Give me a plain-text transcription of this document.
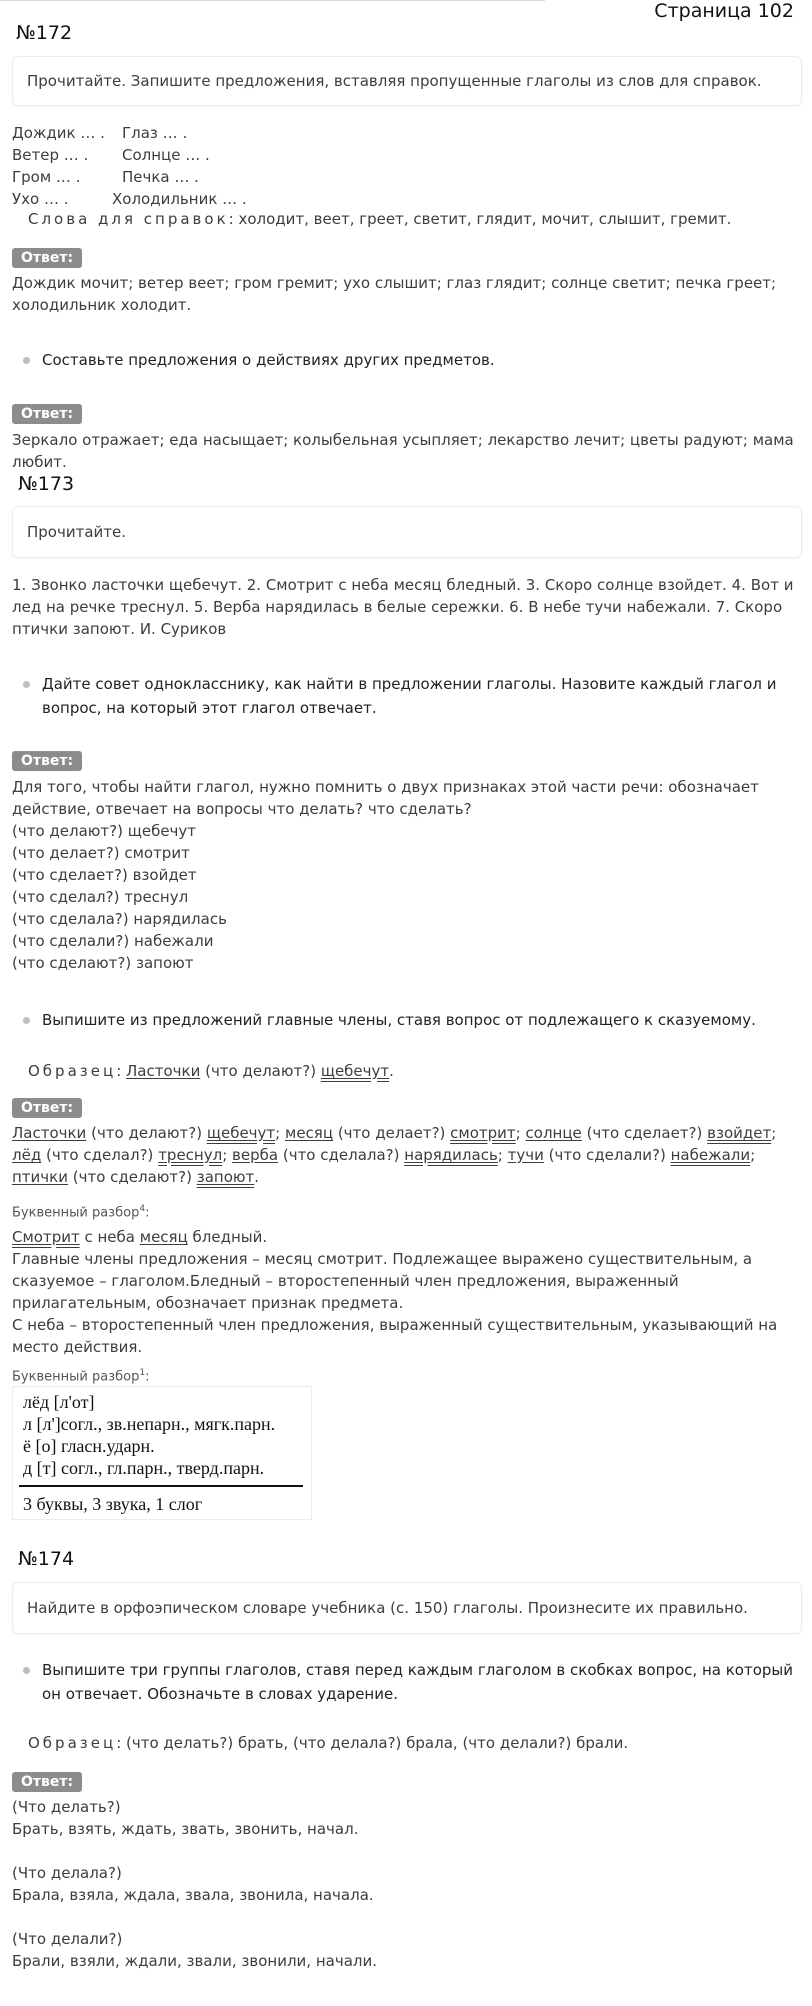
Страница 102
№172
Прочитайте. Запишите предложения, вставляя пропущенные глаголы из слов для справок.
Дождик … .	Глаз … .
Ветер … .	Солнце … .
Гром … .	Печка … .
Ухо … .	Холодильник … .
Слова для справок: холодит, веет, греет, светит, глядит, мочит, слышит, гремит.
Ответ:
Дождик мочит; ветер веет; гром гремит; ухо слышит; глаз глядит; солнце светит; печка греет; холодильник холодит.
Составьте предложения о действиях других предметов.
Ответ:
Зеркало отражает; еда насыщает; колыбельная усыпляет; лекарство лечит; цветы радуют; мама любит.
№173
Прочитайте.
1. Звонко ласточки щебечут. 2. Смотрит с неба месяц бледный. 3. Скоро солнце взойдет. 4. Вот и лед на речке треснул. 5. Верба нарядилась в белые сережки. 6. В небе тучи набежали. 7. Скоро птички запоют. И. Суриков
Дайте совет однокласснику, как найти в предложении глаголы. Назовите каждый глагол и вопрос, на который этот глагол отвечает.
Ответ:
Для того, чтобы найти глагол, нужно помнить о двух признаках этой части речи: обозначает действие, отвечает на вопросы что делать? что сделать?
(что делают?) щебечут
(что делает?) смотрит
(что сделает?) взойдет
(что сделал?) треснул
(что сделала?) нарядилась
(что сделали?) набежали
(что сделают?) запоют
Выпишите из предложений главные члены, ставя вопрос от подлежащего к сказуемому.
Образец: Ласточки (что делают?) щебечут.
Ответ:
Ласточки (что делают?) щебечут; месяц (что делает?) смотрит; солнце (что сделает?) взойдет; лёд (что сделал?) треснул; верба (что сделала?) нарядилась; тучи (что сделали?) набежали; птички (что сделают?) запоют.
Буквенный разбор$^4$:
Смотрит с неба месяц бледный.
Главные члены предложения – месяц смотрит. Подлежащее выражено существительным, а сказуемое – глаголом.Бледный – второстепенный член предложения, выраженный прилагательным, обозначает признак предмета.
С неба – второстепенный член предложения, выраженный существительным, указывающий на место действия.
Буквенный разбор$^1$:
лёд [л'от]
л [л']согл., зв.непарн., мягк.парн.
ё [о] гласн.ударн.
д [т] согл., гл.парн., тверд.парн.
3 буквы, 3 звука, 1 слог
№174
Найдите в орфоэпическом словаре учебника (с. 150) глаголы. Произнесите их правильно.
Выпишите три группы глаголов, ставя перед каждым глаголом в скобках вопрос, на который он отвечает. Обозначьте в словах ударение.
Образец: (что делать?) брать, (что делала?) брала, (что делали?) брали.
Ответ:
(Что делать?)
Брать, взять, ждать, звать, звонить, начал.
(Что делала?)
Брала, взяла, ждала, звала, звонила, начала.
(Что делали?)
Брали, взяли, ждали, звали, звонили, начали.
